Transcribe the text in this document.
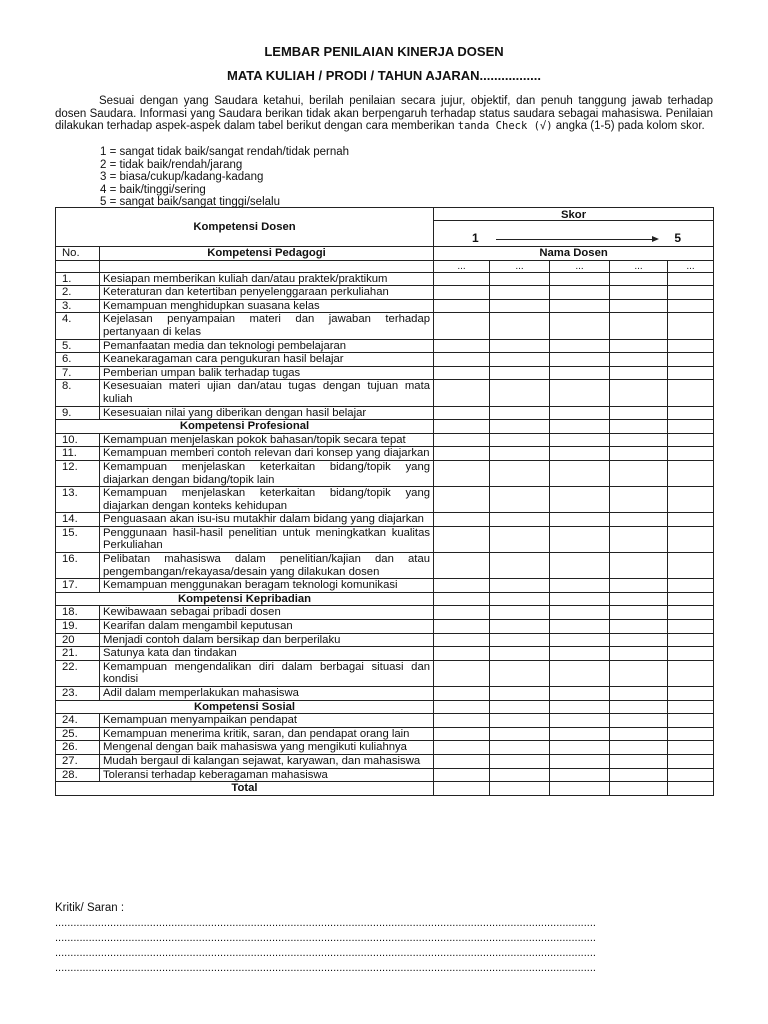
LEMBAR PENILAIAN KINERJA DOSEN
MATA KULIAH / PRODI / TAHUN AJARAN.................

Sesuai dengan yang Saudara ketahui, berilah penilaian secara jujur, objektif, dan penuh tanggung jawab terhadap dosen Saudara. Informasi yang Saudara berikan tidak akan berpengaruh terhadap status saudara sebagai mahasiswa. Penilaian dilakukan terhadap aspek-aspek dalam tabel berikut dengan cara memberikan tanda Check (√) angka (1-5) pada kolom skor.

1 = sangat tidak baik/sangat rendah/tidak pernah
2 = tidak baik/rendah/jarang
3 = biasa/cukup/kadang-kadang
4 = baik/tinggi/sering
5 = sangat baik/sangat tinggi/selalu
Kompetensi Dosen		Skor
1 5				

No.	Kompetensi Pedagogi	Nama Dosen				
		...	...	...	...	...
1.	Kesiapan memberikan kuliah dan/atau praktek/praktikum					
2.	Keteraturan dan ketertiban penyelenggaraan perkuliahan					
3.	Kemampuan menghidupkan suasana kelas					
4.	Kejelasan penyampaian materi dan jawaban terhadap pertanyaan di kelas					
5.	Pemanfaatan media dan teknologi pembelajaran					
6.	Keanekaragaman cara pengukuran hasil belajar					
7.	Pemberian umpan balik terhadap tugas					
8.	Kesesuaian materi ujian dan/atau tugas dengan tujuan mata kuliah					
9.	Kesesuaian nilai yang diberikan dengan hasil belajar					
Kompetensi Profesional						
10.	Kemampuan menjelaskan pokok bahasan/topik secara tepat					
11.	Kemampuan memberi contoh relevan dari konsep yang diajarkan					
12.	Kemampuan menjelaskan keterkaitan bidang/topik yang diajarkan dengan bidang/topik lain					
13.	Kemampuan menjelaskan keterkaitan bidang/topik yang diajarkan dengan konteks kehidupan					
14.	Penguasaan akan isu-isu mutakhir dalam bidang yang diajarkan					
15.	Penggunaan hasil-hasil penelitian untuk meningkatkan kualitas Perkuliahan					
16.	Pelibatan mahasiswa dalam penelitian/kajian dan atau pengembangan/rekayasa/desain yang dilakukan dosen					
17.	Kemampuan menggunakan beragam teknologi komunikasi					
Kompetensi Kepribadian						
18.	Kewibawaan sebagai pribadi dosen					
19.	Kearifan dalam mengambil keputusan					
20	Menjadi contoh dalam bersikap dan berperilaku					
21.	Satunya kata dan tindakan					
22.	Kemampuan mengendalikan diri dalam berbagai situasi dan kondisi					
23.	Adil dalam memperlakukan mahasiswa					
Kompetensi Sosial						
24.	Kemampuan menyampaikan pendapat					
25.	Kemampuan menerima kritik, saran, dan pendapat orang lain					
26.	Mengenal dengan baik mahasiswa yang mengikuti kuliahnya					
27.	Mudah bergaul di kalangan sejawat, karyawan, dan mahasiswa					
28.	Toleransi terhadap keberagaman mahasiswa					
Total						
Kritik/ Saran :
.................................................................................................................................................................................
.................................................................................................................................................................................
.................................................................................................................................................................................
.................................................................................................................................................................................
